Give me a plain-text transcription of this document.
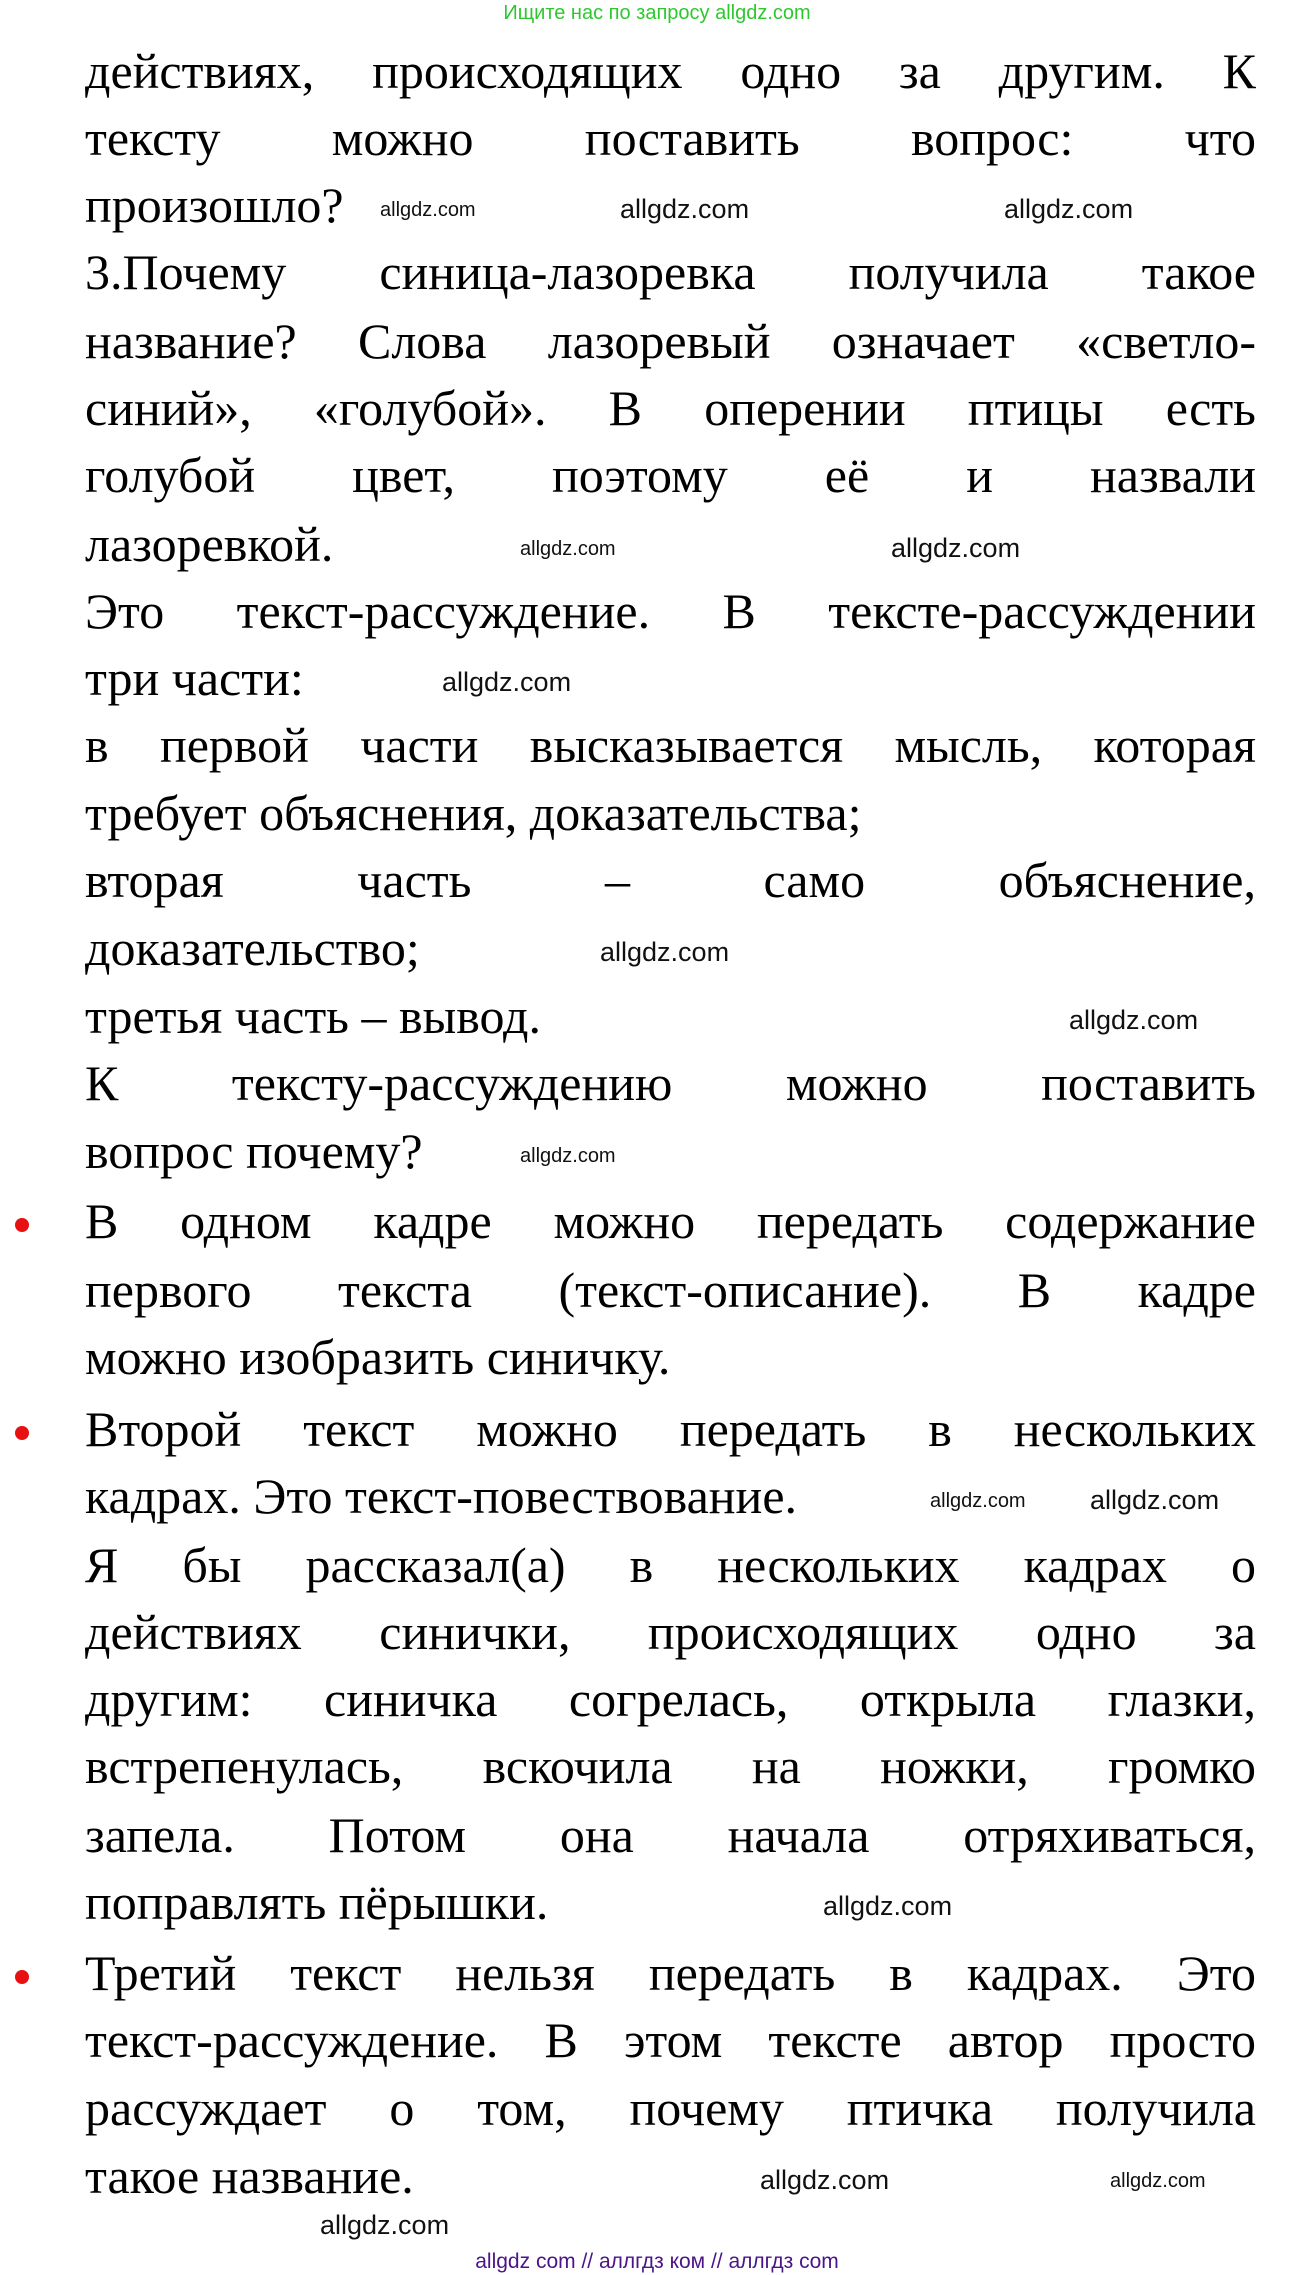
Ищите нас по запросу allgdz.com
действиях, происходящих одно за другим. К
тексту можно поставить вопрос: что
произошло?
3.Почему синица-лазоревка получила такое
название? Слова лазоревый означает «светло-
синий», «голубой». В оперении птицы есть
голубой цвет, поэтому её и назвали
лазоревкой.
Это текст-рассуждение. В тексте-рассуждении
три части:
в первой части высказывается мысль, которая
требует объяснения, доказательства;
вторая часть – само объяснение,
доказательство;
третья часть – вывод.
К тексту-рассуждению можно поставить
вопрос почему?
В одном кадре можно передать содержание
первого текста (текст-описание). В кадре
можно изобразить синичку.
Второй текст можно передать в нескольких
кадрах. Это текст-повествование.
Я бы рассказал(а) в нескольких кадрах о
действиях синички, происходящих одно за
другим: синичка согрелась, открыла глазки,
встрепенулась, вскочила на ножки, громко
запела. Потом она начала отряхиваться,
поправлять пёрышки.
Третий текст нельзя передать в кадрах. Это
текст-рассуждение. В этом тексте автор просто
рассуждает о том, почему птичка получила
такое название.
allgdz.com	allgdz.com	allgdz.com
allgdz.com	allgdz.com
allgdz.com
allgdz.com
allgdz.com
allgdz.com
allgdz.com allgdz.com
allgdz.com
allgdz.com
allgdz.com
allgdz.com
allgdz com // аллгдз ком // аллгдз com
